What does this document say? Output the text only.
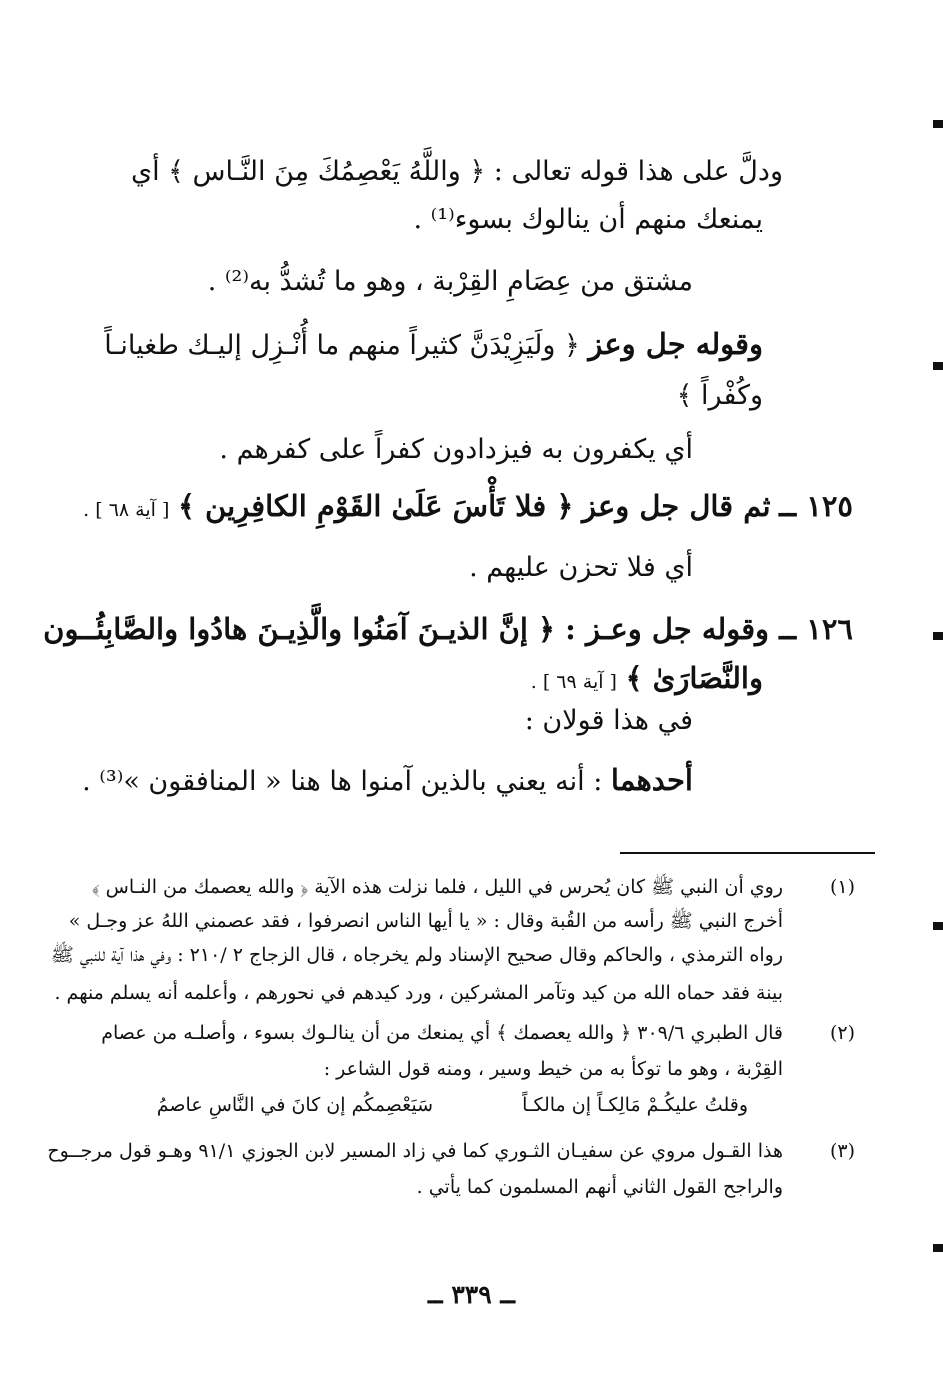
ودلَّ على هذا قوله تعالى : ﴿ واللَّهُ يَعْصِمُكَ مِنَ النَّـاس ﴾ أي
يمنعك منهم أن ينالوك بسوء⁽¹⁾ .
مشتق من عِصَامِ القِرْبة ، وهو ما تُشدُّ به⁽²⁾ .
وقوله جل وعز ﴿ ولَيَزِيْدَنَّ كثيراً منهم ما أُنْـزِل إليـك طغيانـاً
وكُفْراً ﴾
أي يكفرون به فيزدادون كفراً على كفرهم .
١٢٥ ــ ثم قال جل وعز ﴿ فلا تَأْسَ عَلَىٰ القَوْمِ الكافِرِين ﴾ [ آية ٦٨ ] .
أي فلا تحزن عليهم .
١٢٦ ــ وقوله جل وعـز : ﴿ إنَّ الذيـنَ آمَنُوا والَّذِيـنَ هادُوا والصَّابِئُــون
والنَّصَارَىٰ ﴾ [ آية ٦٩ ] .
في هذا قولان :
أحدهما : أنه يعني بالذين آمنوا ها هنا « المنافقون »⁽³⁾ .
(١)
روي أن النبي ﷺ كان يُحرس في الليل ، فلما نزلت هذه الآية ﴿ والله يعصمك من النـاس ﴾
أخرج النبي ﷺ رأسه من القُبة وقال : « يا أيها الناس انصرفوا ، فقد عصمني اللهُ عز وجـل »
رواه الترمذي ، والحاكم وقال صحيح الإسناد ولم يخرجاه ، قال الزجاج ٢ /٢١٠ : وفي هذا آية للنبي ﷺ
بينة فقد حماه الله من كيد وتآمر المشركين ، ورد كيدهم في نحورهم ، وأعلمه أنه يسلم منهم .
(٢)
قال الطبري ٣٠٩/٦ ﴿ والله يعصمك ﴾ أي يمنعك من أن ينالـوك بسوء ، وأصلـه من عصام
القِرْبة ، وهو ما توكأ به من خيط وسير ، ومنه قول الشاعر :
وقلتُ عليكُـمْ مَالِكـاً إن مالكـاً
سَيَعْصِمكُم إن كانَ في النَّاسِ عاصمُ
(٣)
هذا القـول مروي عن سفيـان الثـوري كما في زاد المسير لابن الجوزي ٩١/١ وهـو قول مرجــوح
والراجح القول الثاني أنهم المسلمون كما يأتي .
ــ ٣٣٩ ــ
